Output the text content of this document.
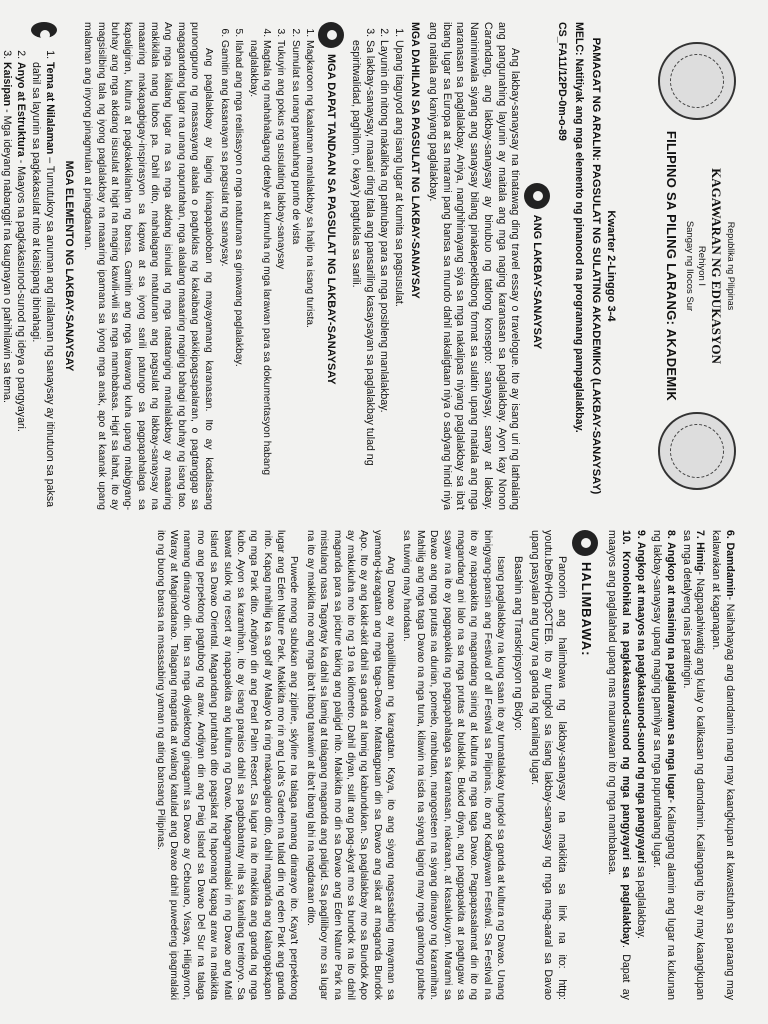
Republika ng Pilipinas
KAGAWARAN NG EDUKASYON
Rehiyon I
Sangay ng Ilocos Sur
FILIPINO SA PILING LARANG: AKADEMIK
Kwarter 2-Linggo 3-4
PAMAGAT NG ARALIN: PAGSULAT NG SULATING AKADEMIKO (LAKBAY-SANAYSAY)

MELC: Natitiyak ang mga elemento ng pinanood na programang pampaglalakbay.

CS_FA11/12PD-0m-o-89

ANG LAKBAY-SANAYSAY

Ang lakbay-sanaysay na tinatawag ding travel essay o travelogue. Ito ay isang uri ng lathalaing ang pangunahing layunin ay maitala ang mga naging karanasan sa paglalakbay. Ayon kay Nonon Carandang, ang lakbay-sanaysay ay binubuo ng tatlong konsepto: sanaysay, sanay at lakbay. Nanininiwala siyang ang sanaysay bilang pinakaepektibong format sa sulatin upang maitala ang mga naranasan sa paglalakbay. Aniya, nanghihinayang siya sa mga nakalipas niyang paglalakbay sa iba't ibang lugar sa Europa at sa marami pang bansa sa mundo dahil nakaligtaan niya o sadyang hindi niya ang naitala ang kaniyang paglalakbay.

MGA DAHILAN SA PAGSULAT NG LAKBAY-SANAYSAY
1. Upang itaguyod ang isang lugar at kumita sa pagsusulat.
2. Layunin din nitong makalikha ng patnubay para sa mga posibleng manlalakbay.
3. Sa lakbay-sanaysay, maaari ding itala ang pansariling kasaysayan sa paglalakbay tulad ng espiritwalidad, paghilom, o kaya'y pagtuklas sa sarili.
MGA DAPAT TANDAAN SA PAGSULAT NG LAKBAY-SANAYSAY
1. Magkaroon ng kaalaman manlalakbay sa halip na isang turista.
2. Sumulat sa unang panauhang punto de vista
3. Tukuyin ang pokus ng susulating lakbay-sanaysay
4. Magtala ng mahahalagang detalye at kumuha ng mga larawan para sa dokumentasyon habang naglalakbay.
5. Ilahad ang mga realisasyon o mga natutunan sa ginawang paglalakbay.
6. Gamitin ang kasanayan sa pagsulat ng sanaysay.

Ang paglalakbay ay laging kinapapalooban ng mayayamang karanasan. Ito ay kadalasang punongpuno ng masasayang alaala o pagtuklas ng kakaibang pakikipagsapalaran, o pagtanggap sa magagandang lugar na unang napuntahan, mga alaalang maaaring maging bahagi ng buhay ng isang tao. Ang mga kilalang lugar na sa mga akdang isinulat ng mga natatanging manlalakbay ay maaaring makikilala nang lubos pa. Dahil dito, mahalagang matutunan ang pagsulat ng lakbay-sanaysay na maaaring makapagbigay-inspirasyon sa kapwa at sa iyong sarili patungo sa pagpapahalaga sa kapaligiran, kultura at pagkakakilanlan ng bansa. Gamitin ang mga larawang kuha upang mabigyang-buhay ang mga akdang isusulat at higit na maging kawili-wili sa mga mambabasa. Higit sa lahat, ito ay magsisilbing tala ng iyong paglalakbay na maaaring ipamana sa iyong mga anak, apo at kaanak upang malaman ang inyong pinagmulan at pinagdaanan.

MGA ELEMENTO NG LAKBAY-SANAYSAY
1. Tema at Nilalaman – Tumutukoy sa anuman ang nilalaman ng sanaysay ay itinutuon sa paksa dahil sa layunin sa pagkakasulat nito at kaisipang ibinahagi.
2. Anyo at Estruktura - Maayos na pagkakasunod-sunod ng ideya o pangyayari.
3. Kaisipan - Mga ideyang nabanggit na kaugnayan o pahihilawin sa tema.

6. Damdamin- Naihahayag ang damdamin nang may kaangkupan at kawastuhan sa paraang may kalawakan at kaganapan.

7. Himig- Nagpapahiwatig ang kulay o kalikasan ng damdamin. Kailangang ito ay may kaangkupan sa mga detalyeng nais paratingin.

8. Angkop at masining na paglalarawan sa mga lugar- Kailangang alamin ang lugar na kukunan ng lakbay-sanaysay upang maging pamilyar sa mga pupuntahang lugar.

9. Angkop at maayos na pagkakasunod-sunod ng mga pangyayari sa paglalakbay.

10. Kronolohikal na pagkakasunod-sunod ng mga pangyayari sa paglalakbay. Dapat ay maayos ang paglalahad upang mas maunawaan ito ng mga mambabasa.

HALIMBAWA:

Panoorin ang halimbawa ng lakbay-sanaysay na makikita sa link na ito: http: youtu.be/BvHOp3CTEB. Ito ay tungkol sa isang lakbay-sanaysay ng mga mag-aaral sa Davao upang pasyalan ang turay na ganda ng kanilang lugar.

Basahin ang Transkripsyon ng Bidyo:

Isang paglalakbay na kung saan ito ay tumatalakay tungkol sa ganda at kultura ng Davao. Unang binigyang-pansin ang Festival of all Festival sa Pilipinas, ito ang Kadayawan Festival. Sa Festival na ito ay napapakita ng magandang sining at kultura ng mga taga Davao. Pagpapasalamat din ito ng magandang ani lalo na sa mga prutas at bulaklak. Bukod diyan, ang pagpapakita at pagtugaw sa sayaw na ito ay pagpapakita ng pagpapahalaga sa karanasan, nakaraan, at kasalukuyan. Marami sa Davao ang mga prutas na durian, pomelo, rambutan, mangosteen na siyang dinarayo ng karamihan. Mahilig ang mga taga Davao na mga tuna, kilawin na isda na siyang laging may mga ganitong putahe sa tuwing may handaan.

Ang Davao ay napalilibutan ng karagatan. Kaya, ito ang siyang nagsasabing mayaman sa yamang-karagatan ang mga taga-Davao. Matatagpuan din sa Davao ang sikat at maganda Bundok Apo. Ito ay ang kakit-akit dahil sa ganda at lamig ng kabundukan. Sa paglalakbay mo sa Bundok Apo ay makukuha mo ito ng 19 na kilometro. Dahil diyan, sulit ang pag-akyat mo sa bundok na ito dahil maganda para sa picture taking ang paligid nito. Makikita mo din sa Davao ang Eden Nature Park na mistulang nasa Tagaytay ka dahil sa lamig at talagang maganda ang paligid. Sa pagliliboy mo sa lugar na ito ay makikita mo ang mga iba't ibang tanawin at iba't ibang lahi na nagdaraan dito.

Puwede mong subukan ang zipline, skyline na talaga namang dinarayo ito. Kaya't perpektong lugar ang Eden Nature Park. Makikita mo rin ang Lola's Garden na tulad din ng eden Park ang ganda nito. Kapag mahilig ka sa golf ay Malayo ka ring makapaglaro dito, dahil maganda ang kalangapkapan ng mga Park dito. Andiyan din ang Pearl Palm Resort. Sa lugar na ito makikita ang ganda ng mga kubo. Ayon sa karamihan, ito ay isang paraiso dahil sa pagbabantay nila sa kanilang teritoryo. Sa bawat sulok ng resort ay napapakita ang kultura ng Davao. Mapagmamalaki rin ng Davao ang Mati Island sa Davao Oriental. Magandang puntahan dito pagsikat ng haponang kapag araw na makikita mo ang perpektong pagtubog ng araw. Andiyan din ang Paig Island sa Davao Del Sur na talaga namang dinarayo din. Ilan sa mga diyalektong ginagamit sa Davao ay Cebuano, Visaya, Hiligaynon, Waray at Maginadanao. Talagang maganda at walang katulad ang Davao dahil puwedeng ipagmalaki ito ng buong bansa na masasabing yaman ng ating bansang Pilipinas.
